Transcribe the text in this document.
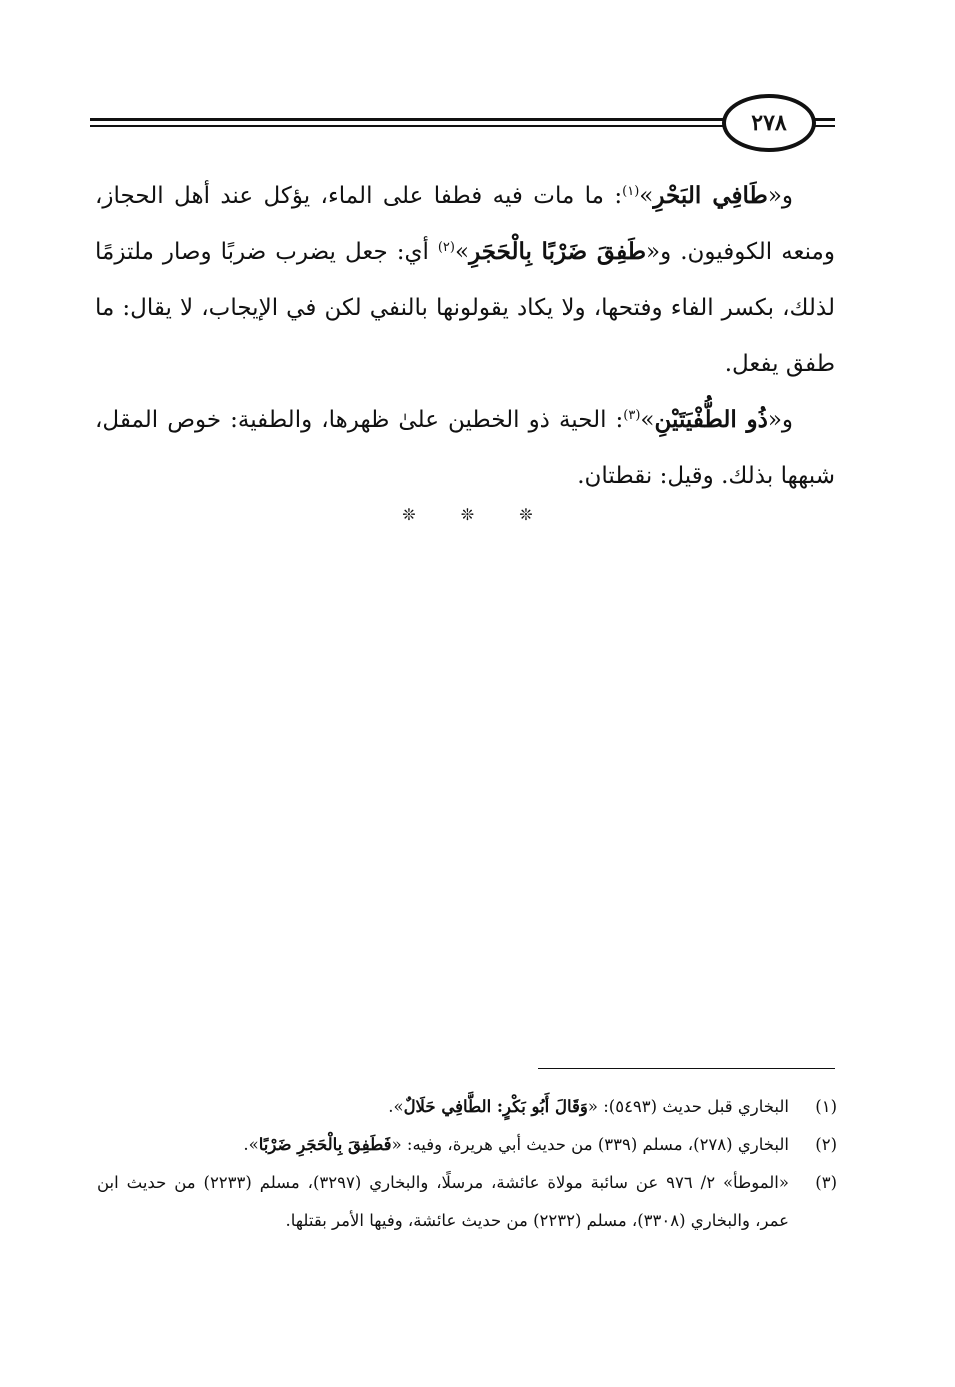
٢٧٨

و«طَافِي البَحْرِ»$^{(١)}$: ما مات فيه فطفا على الماء، يؤكل عند أهل الحجاز، ومنعه الكوفيون. و«طَفِقَ ضَرْبًا بِالْحَجَرِ»$^{(٢)}$ أي: جعل يضرب ضربًا وصار ملتزمًا لذلك، بكسر الفاء وفتحها، ولا يكاد يقولونها بالنفي لكن في الإيجاب، لا يقال: ما طفق يفعل.

و«ذُو الطُّفْيَتَيْنِ»$^{(٣)}$: الحية ذو الخطين علىٰ ظهرها، والطفية: خوص المقل، شبهها بذلك. وقيل: نقطتان.

❊ ❊ ❊
(١)
البخاري قبل حديث (٥٤٩٣): «وَقَالَ أَبُو بَكْرٍ: الطَّافِي حَلَالٌ».
(٢)
البخاري (٢٧٨)، مسلم (٣٣٩) من حديث أبي هريرة، وفيه: «فَطَفِقَ بِالْحَجَرِ ضَرْبًا».
(٣)
«الموطأ» ٢/ ٩٧٦ عن سائبة مولاة عائشة، مرسلًا، والبخاري (٣٢٩٧)، مسلم (٢٢٣٣) من حديث ابن عمر، والبخاري (٣٣٠٨)، مسلم (٢٢٣٢) من حديث عائشة، وفيها الأمر بقتلها.
